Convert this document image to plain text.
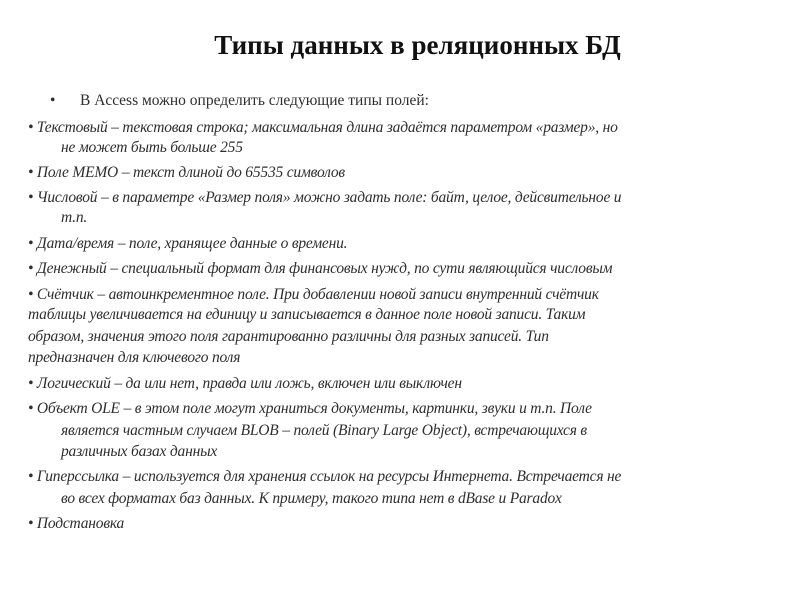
Типы данных в реляционных БД
• В Access можно определить следующие типы полей:
• Текстовый – текстовая строка; максимальная длина задаётся параметром «размер», но
не может быть больше 255
• Поле MEMO – текст длиной до 65535 символов
• Числовой – в параметре «Размер поля» можно задать поле: байт, целое, дейсвительное и
т.п.
• Дата/время – поле, хранящее данные о времени.
• Денежный – специальный формат для финансовых нужд, по сути являющийся числовым
• Счётчик – автоинкрементное поле. При добавлении новой записи внутренний счётчик
таблицы увеличивается на единицу и записывается в данное поле новой записи. Таким
образом, значения этого поля гарантированно различны для разных записей. Тип
предназначен для ключевого поля
• Логический – да или нет, правда или ложь, включен или выключен
• Объект OLE – в этом поле могут храниться документы, картинки, звуки и т.п. Поле
является частным случаем BLOB – полей (Binary Large Object), встречающихся в
различных базах данных
• Гиперссылка – используется для хранения ссылок на ресурсы Интернета. Встречается не
во всех форматах баз данных. К примеру, такого типа нет в dBase и Paradox
• Подстановка
